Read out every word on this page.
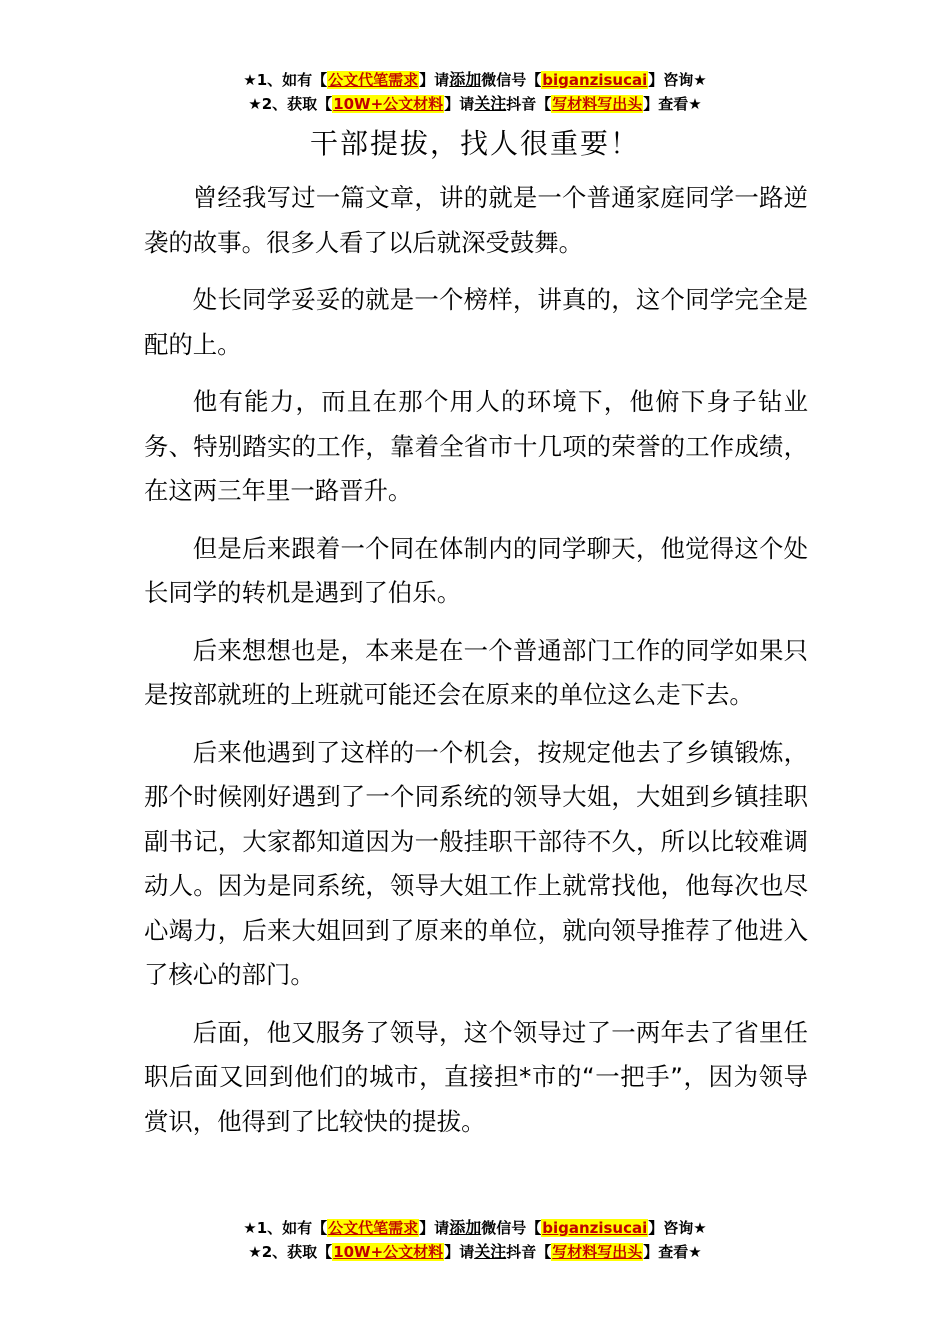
★1、如有【公文代笔需求】请添加微信号【biganzisucai】咨询★
★2、获取【10W+公文材料】请关注抖音【写材料写出头】查看★
干部提拔，找人很重要！

曾经我写过一篇文章，讲的就是一个普通家庭同学一路逆袭的故事。很多人看了以后就深受鼓舞。

处长同学妥妥的就是一个榜样，讲真的，这个同学完全是配的上。

他有能力，而且在那个用人的环境下，他俯下身子钻业务、特别踏实的工作，靠着全省市十几项的荣誉的工作成绩，在这两三年里一路晋升。

但是后来跟着一个同在体制内的同学聊天，他觉得这个处长同学的转机是遇到了伯乐。

后来想想也是，本来是在一个普通部门工作的同学如果只是按部就班的上班就可能还会在原来的单位这么走下去。

后来他遇到了这样的一个机会，按规定他去了乡镇锻炼，那个时候刚好遇到了一个同系统的领导大姐，大姐到乡镇挂职副书记，大家都知道因为一般挂职干部待不久，所以比较难调动人。因为是同系统，领导大姐工作上就常找他，他每次也尽心竭力，后来大姐回到了原来的单位，就向领导推荐了他进入了核心的部门。

后面，他又服务了领导，这个领导过了一两年去了省里任职后面又回到他们的城市，直接担*市的“一把手”，因为领导赏识，他得到了比较快的提拔。

★1、如有【公文代笔需求】请添加微信号【biganzisucai】咨询★
★2、获取【10W+公文材料】请关注抖音【写材料写出头】查看★
